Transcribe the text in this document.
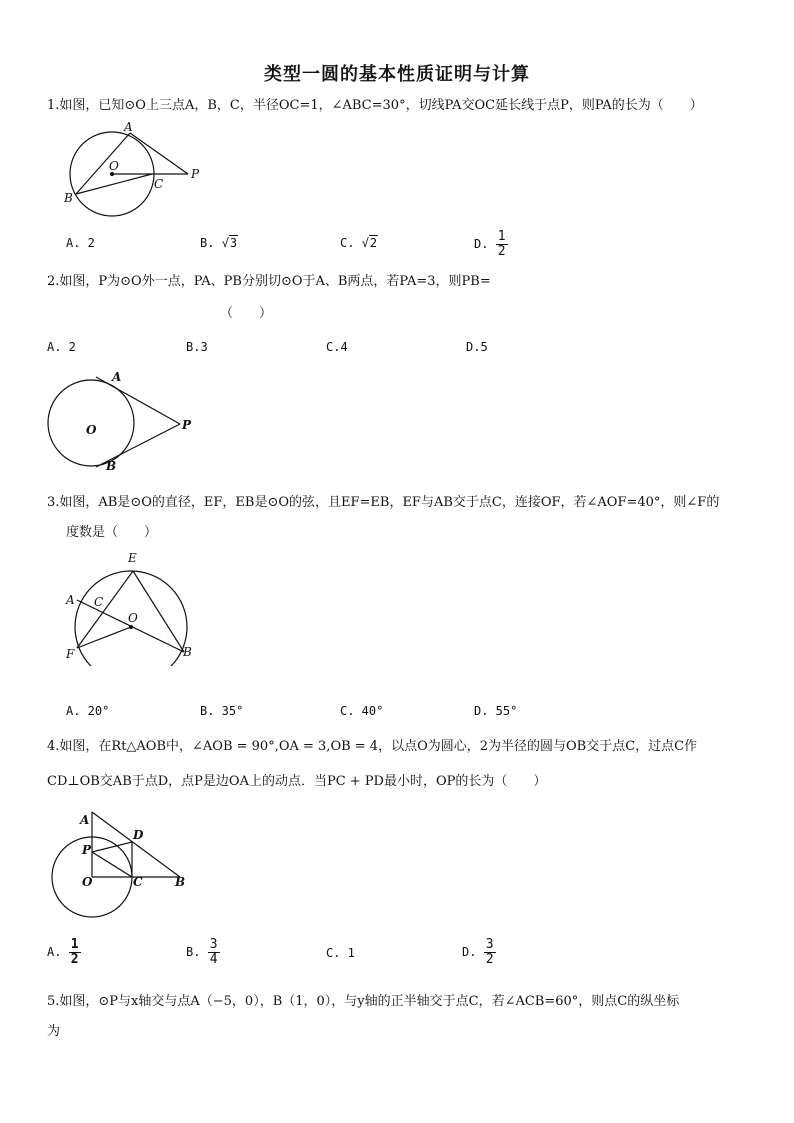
类型一圆的基本性质证明与计算
1.如图，已知⊙O上三点A，B，C，半径OC=1，∠ABC=30°，切线PA交OC延长线于点P，则PA的长为（　　）
A
B
C
O
P
A. 2	B. √3	C. √2	D. $\frac{1}{2}$
2.如图，P为⊙O外一点，PA、PB分别切⊙O于A、B两点，若PA=3，则PB=
（　　）
A. 2	B.3	C.4	D.5
A
B
O	P
3.如图，AB是⊙O的直径，EF，EB是⊙O的弦，且EF=EB，EF与AB交于点C，连接OF，若∠AOF=40°，则∠F的
度数是（　　）
E
A C
O
F	B
A. 20°	B. 35°	C. 40°	D. 55°
4.如图，在Rt△AOB中，∠AOB = 90°,OA = 3,OB = 4，以点O为圆心，2为半径的圆与OB交于点C，过点C作
CD⊥OB交AB于点D，点P是边OA上的动点．当PC + PD最小时，OP的长为（　　）
A
P
D
O	C	B
A. $\frac{1}{2}$	B. $\frac{3}{4}$	C. 1	D. $\frac{3}{2}$
5.如图，⊙P与x轴交与点A（−5，0），B（1，0），与y轴的正半轴交于点C，若∠ACB=60°，则点C的纵坐标
为
